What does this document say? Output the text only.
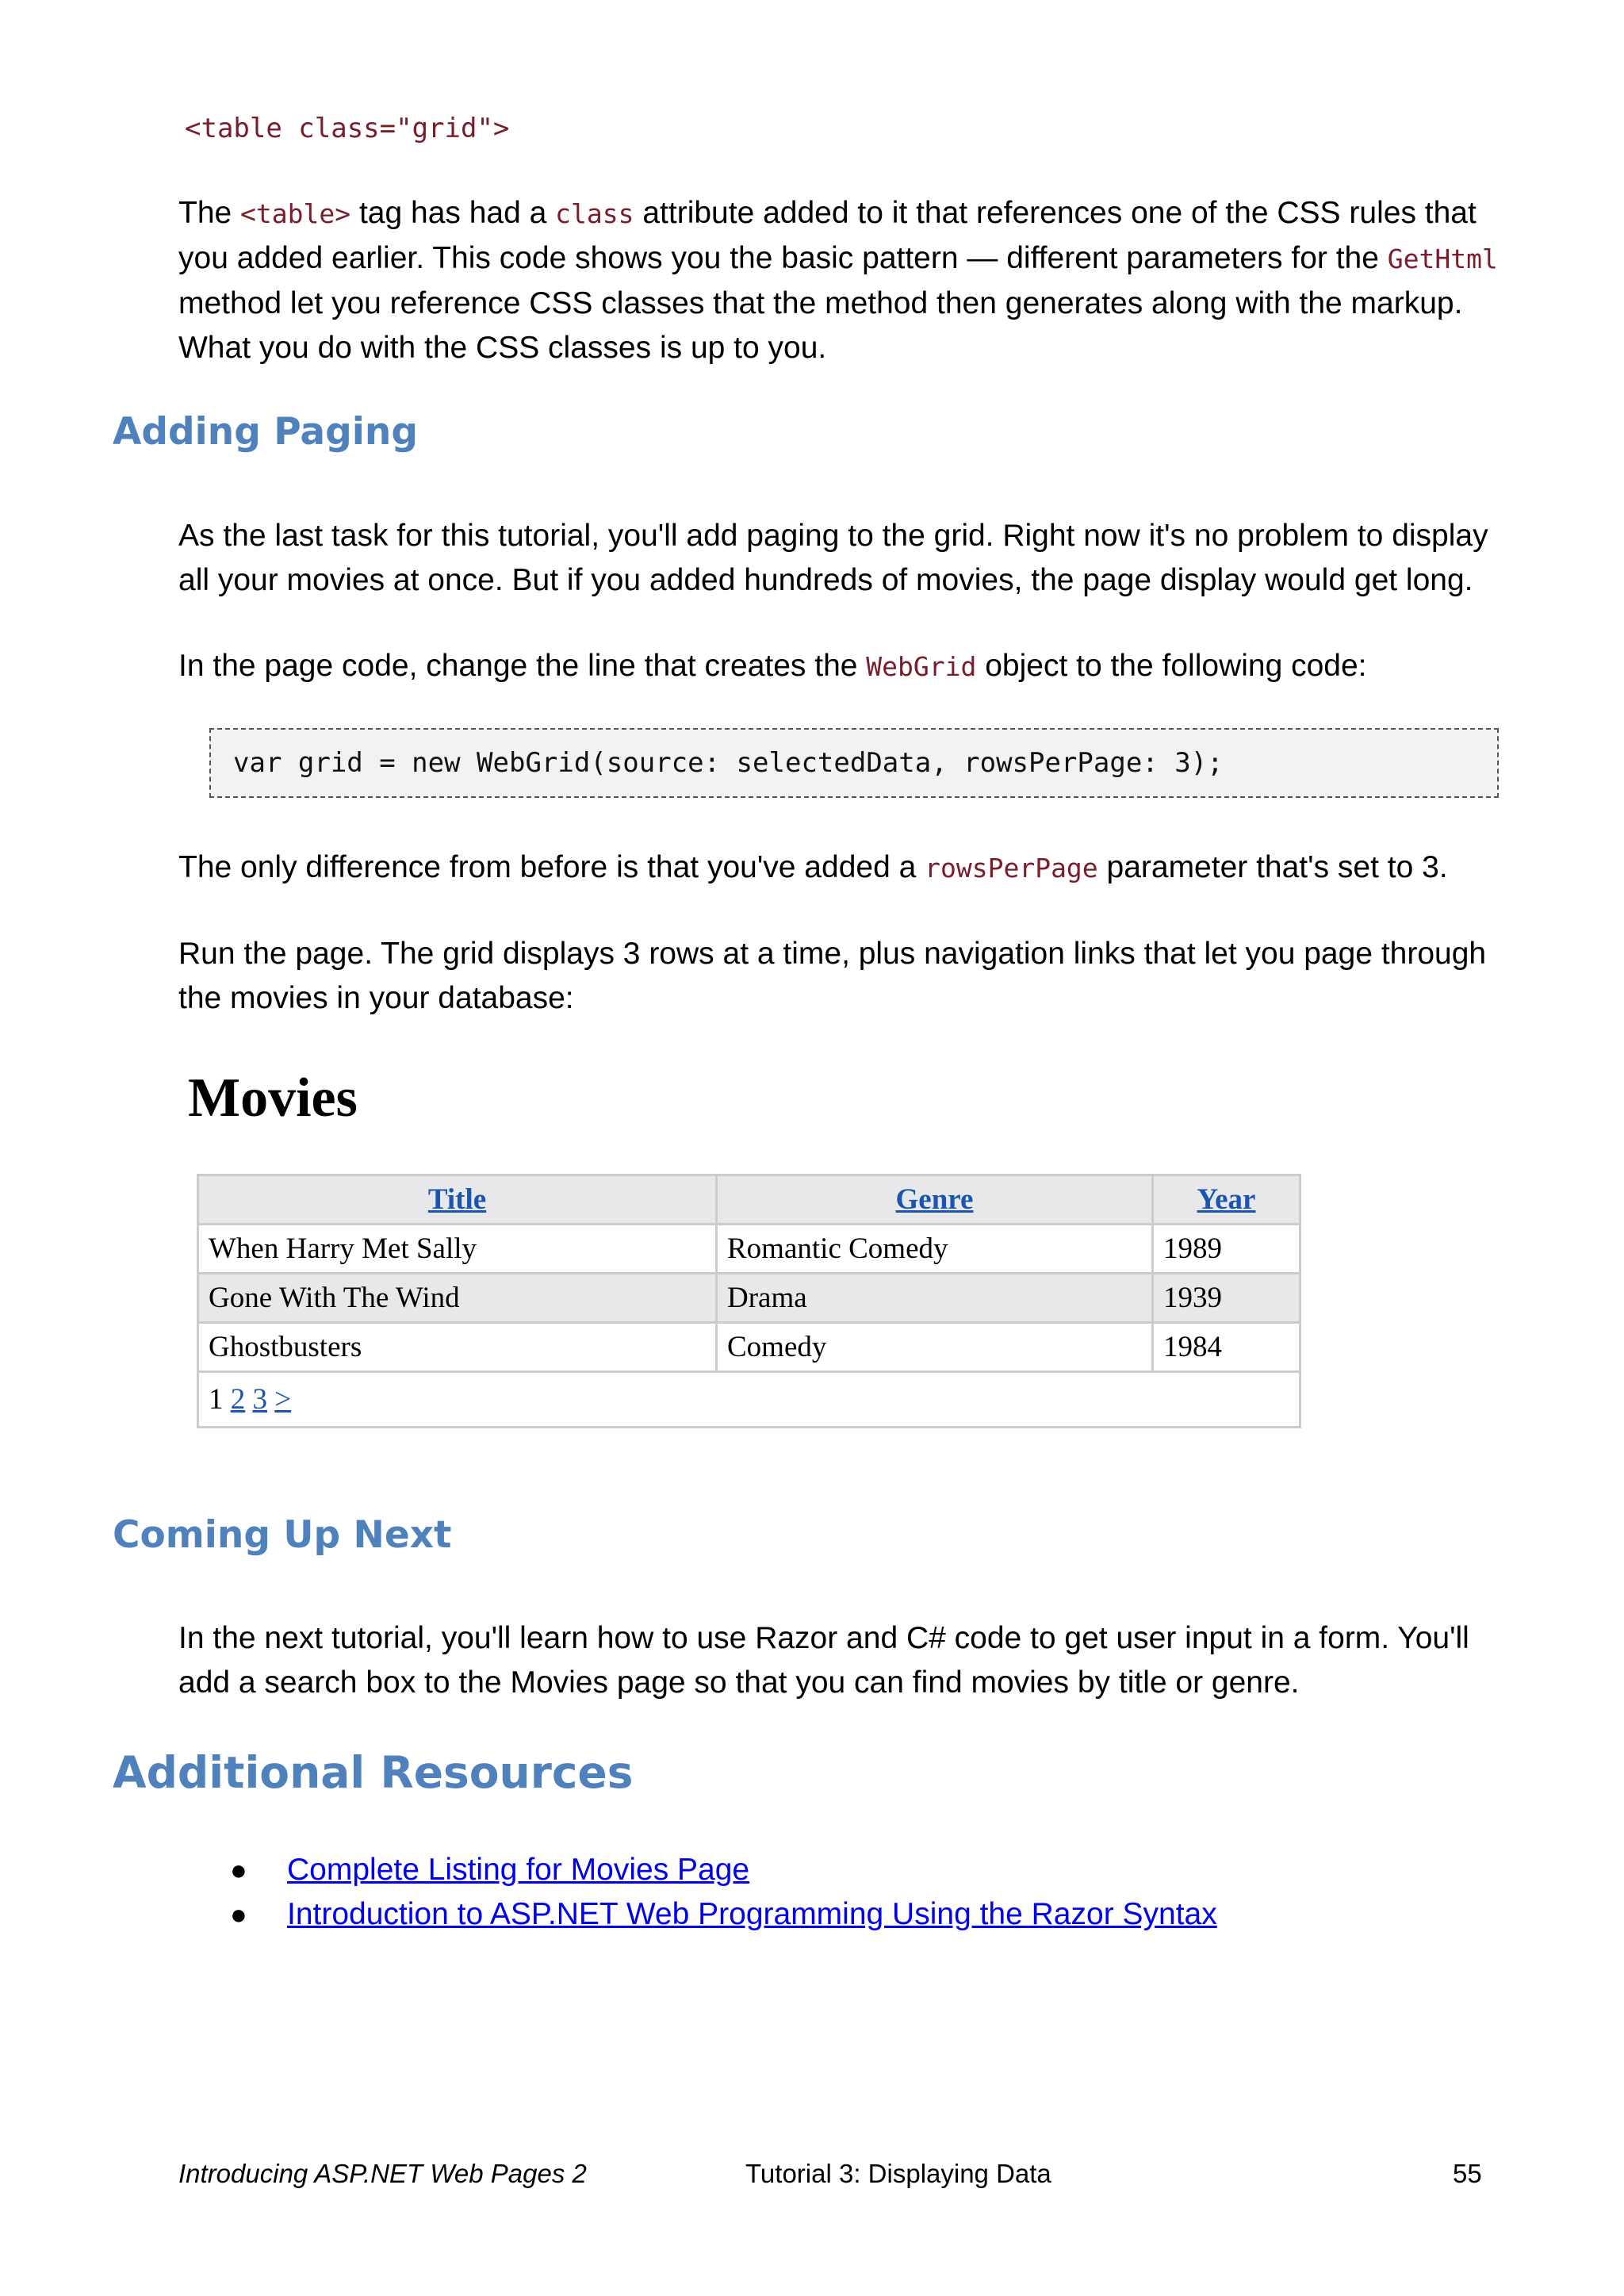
<table class="grid">
The <table> tag has had a class attribute added to it that references one of the CSS rules that you added earlier. This code shows you the basic pattern — different parameters for the GetHtml method let you reference CSS classes that the method then generates along with the markup. What you do with the CSS classes is up to you.
Adding Paging
As the last task for this tutorial, you'll add paging to the grid. Right now it's no problem to display all your movies at once. But if you added hundreds of movies, the page display would get long.
In the page code, change the line that creates the WebGrid object to the following code:
var grid = new WebGrid(source: selectedData, rowsPerPage: 3);
The only difference from before is that you've added a rowsPerPage parameter that's set to 3.
Run the page. The grid displays 3 rows at a time, plus navigation links that let you page through the movies in your database:
Movies
Title	Genre	Year
When Harry Met Sally	Romantic Comedy	1989
Gone With The Wind	Drama	1939
Ghostbusters	Comedy	1984
1 2 3 >		
Coming Up Next
In the next tutorial, you'll learn how to use Razor and C# code to get user input in a form. You'll add a search box to the Movies page so that you can find movies by title or genre.
Additional Resources
● Complete Listing for Movies Page
● Introduction to ASP.NET Web Programming Using the Razor Syntax
Introducing ASP.NET Web Pages 2	Tutorial 3: Displaying Data	55
